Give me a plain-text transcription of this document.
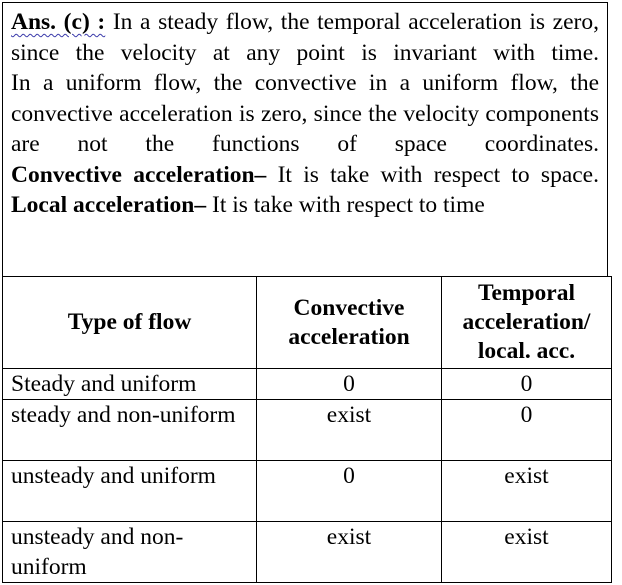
Ans. (c) : In a steady flow, the temporal acceleration is zero, since the velocity at any point is invariant with time.

In a uniform flow, the convective in a uniform flow, the convective acceleration is zero, since the velocity components are not the functions of space coordinates.

Convective acceleration– It is take with respect to space.

Local acceleration– It is take with respect to time

Type of flow	Convective acceleration	Temporal acceleration/ local. acc.
Steady and uniform	0	0
steady and non-uniform	exist	0
unsteady and uniform	0	exist
unsteady and non-uniform	exist	exist
